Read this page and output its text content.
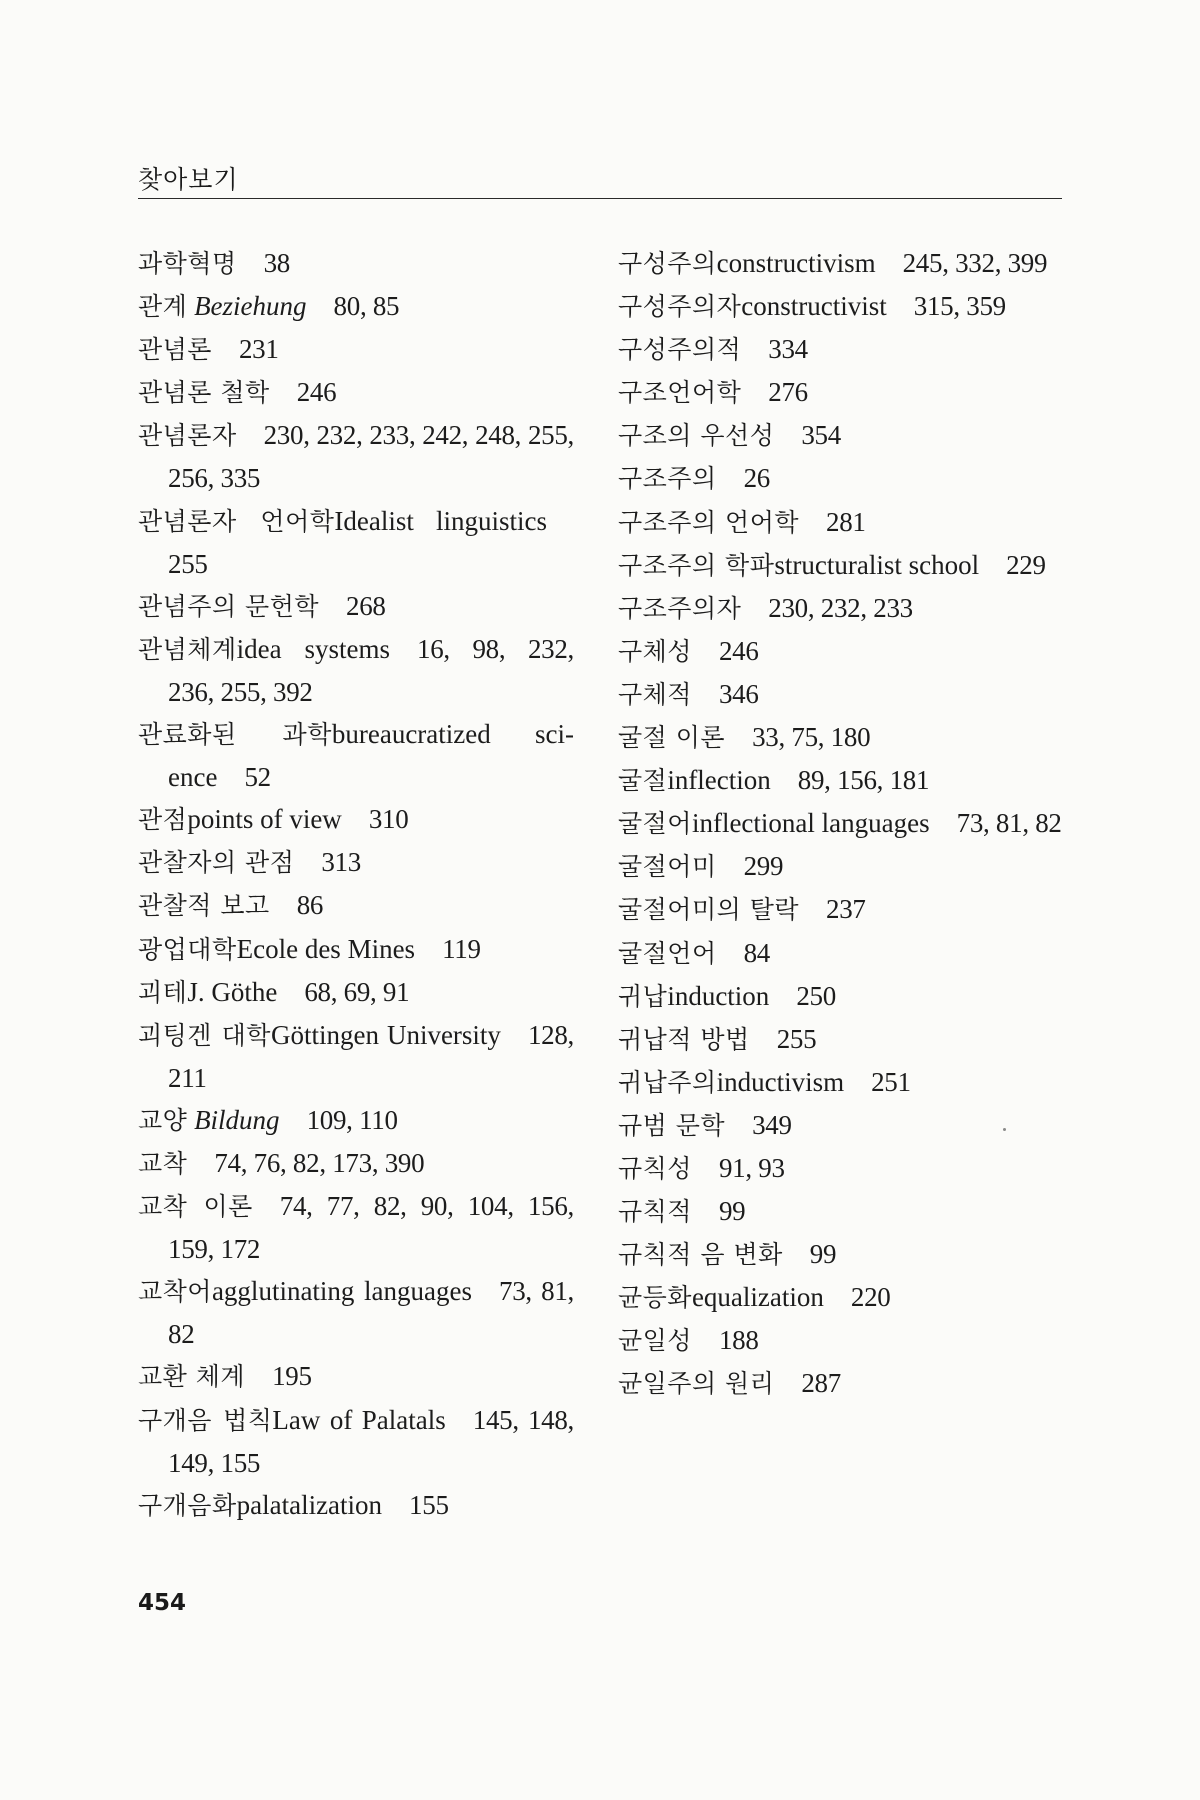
찾아보기

과학혁명  38

관계 Beziehung  80, 85

관념론  231

관념론 철학  246

관념론자  230, 232, 233, 242, 248, 255, 256, 335

관념론자 언어학Idealist linguistics 255

관념주의 문헌학  268

관념체계idea systems  16, 98, 232, 236, 255, 392

관료화된 과학bureaucratized sci-ence  52

관점points of view  310

관찰자의 관점  313

관찰적 보고  86

광업대학Ecole des Mines  119

괴테J. Göthe  68, 69, 91

괴팅겐 대학Göttingen University  128, 211

교양 Bildung  109, 110

교착  74, 76, 82, 173, 390

교착 이론  74, 77, 82, 90, 104, 156, 159, 172

교착어agglutinating languages  73, 81, 82

교환 체계  195

구개음 법칙Law of Palatals  145, 148, 149, 155

구개음화palatalization  155

구성주의constructivism  245, 332, 399

구성주의자constructivist  315, 359

구성주의적  334

구조언어학  276

구조의 우선성  354

구조주의  26

구조주의 언어학  281

구조주의 학파structuralist school  229

구조주의자  230, 232, 233

구체성  246

구체적  346

굴절 이론  33, 75, 180

굴절inflection  89, 156, 181

굴절어inflectional languages  73, 81, 82

굴절어미  299

굴절어미의 탈락  237

굴절언어  84

귀납induction  250

귀납적 방법  255

귀납주의inductivism  251

규범 문학  349

규칙성  91, 93

규칙적  99

규칙적 음 변화  99

균등화equalization  220

균일성  188

균일주의 원리  287

454
